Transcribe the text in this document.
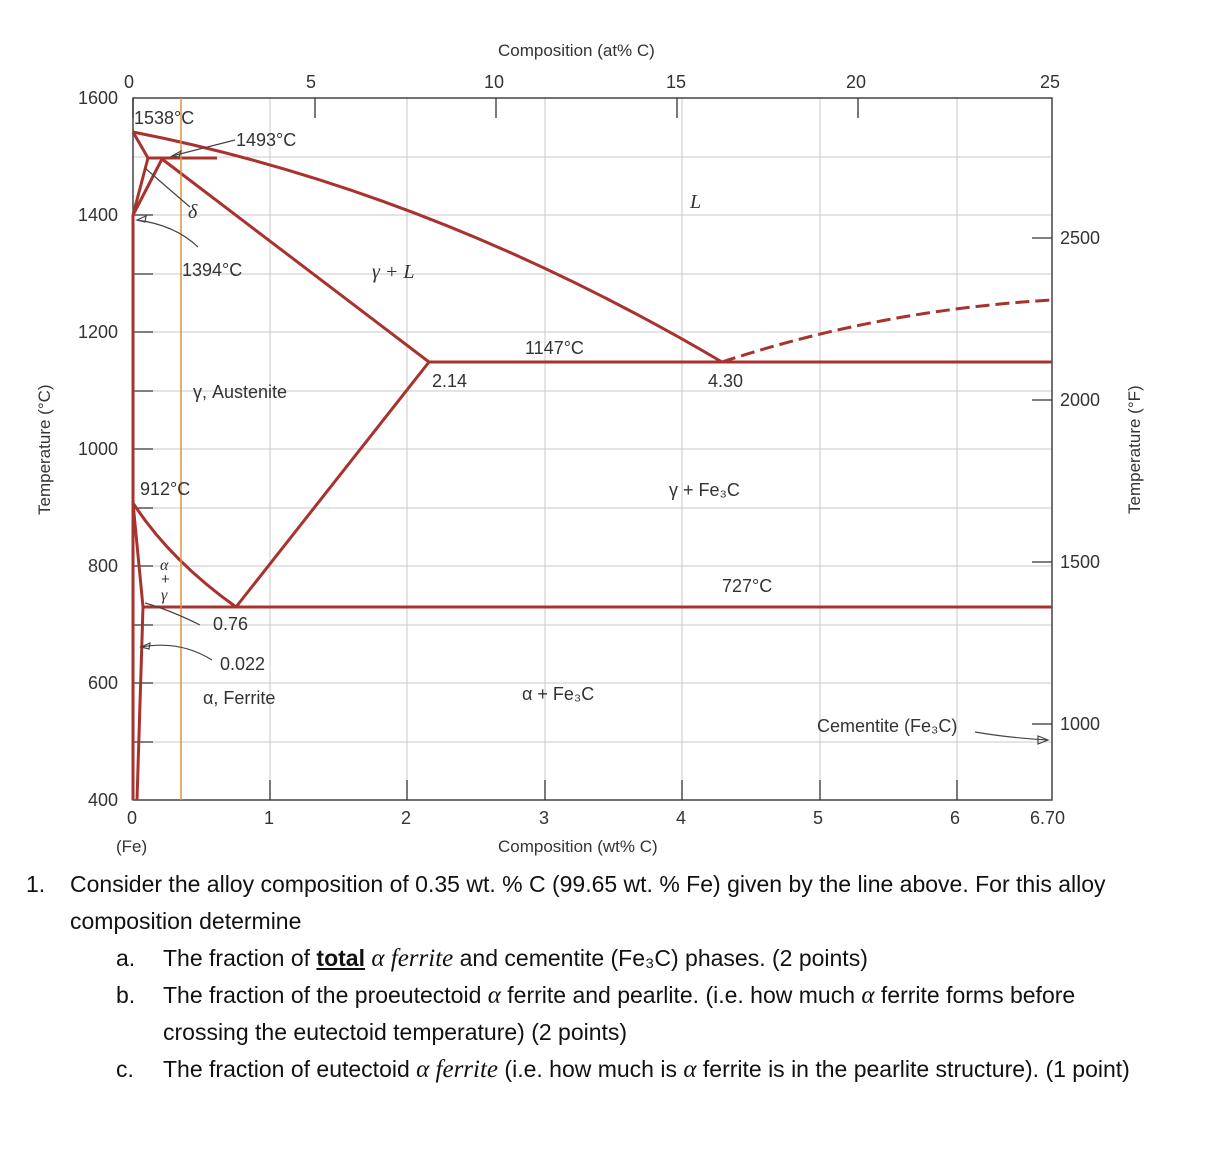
0	5	10	15	20	25
Composition (at% C)
0	1	2	3	4	5	6	6.70
(Fe)	Composition (wt% C)
1600
1400
1200
1000
800
600
400
Temperature (°C)
2500
2000
1500
1000
Temperature (°F)
1538°C
1493°C
δ
1394°C
L
γ + L
1147°C
2.14	4.30
γ, Austenite
912°C	γ + Fe₃C
α
+
γ	727°C
0.76
0.022
α, Ferrite	α + Fe₃C
Cementite (Fe₃C)
1. Consider the alloy composition of 0.35 wt. % C (99.65 wt. % Fe) given by the line above. For this alloy composition determine
a. The fraction of total α ferrite and cementite (Fe₃C) phases. (2 points)
b. The fraction of the proeutectoid α ferrite and pearlite. (i.e. how much α ferrite forms before crossing the eutectoid temperature) (2 points)
c. The fraction of eutectoid α ferrite (i.e. how much is α ferrite is in the pearlite structure). (1 point)
